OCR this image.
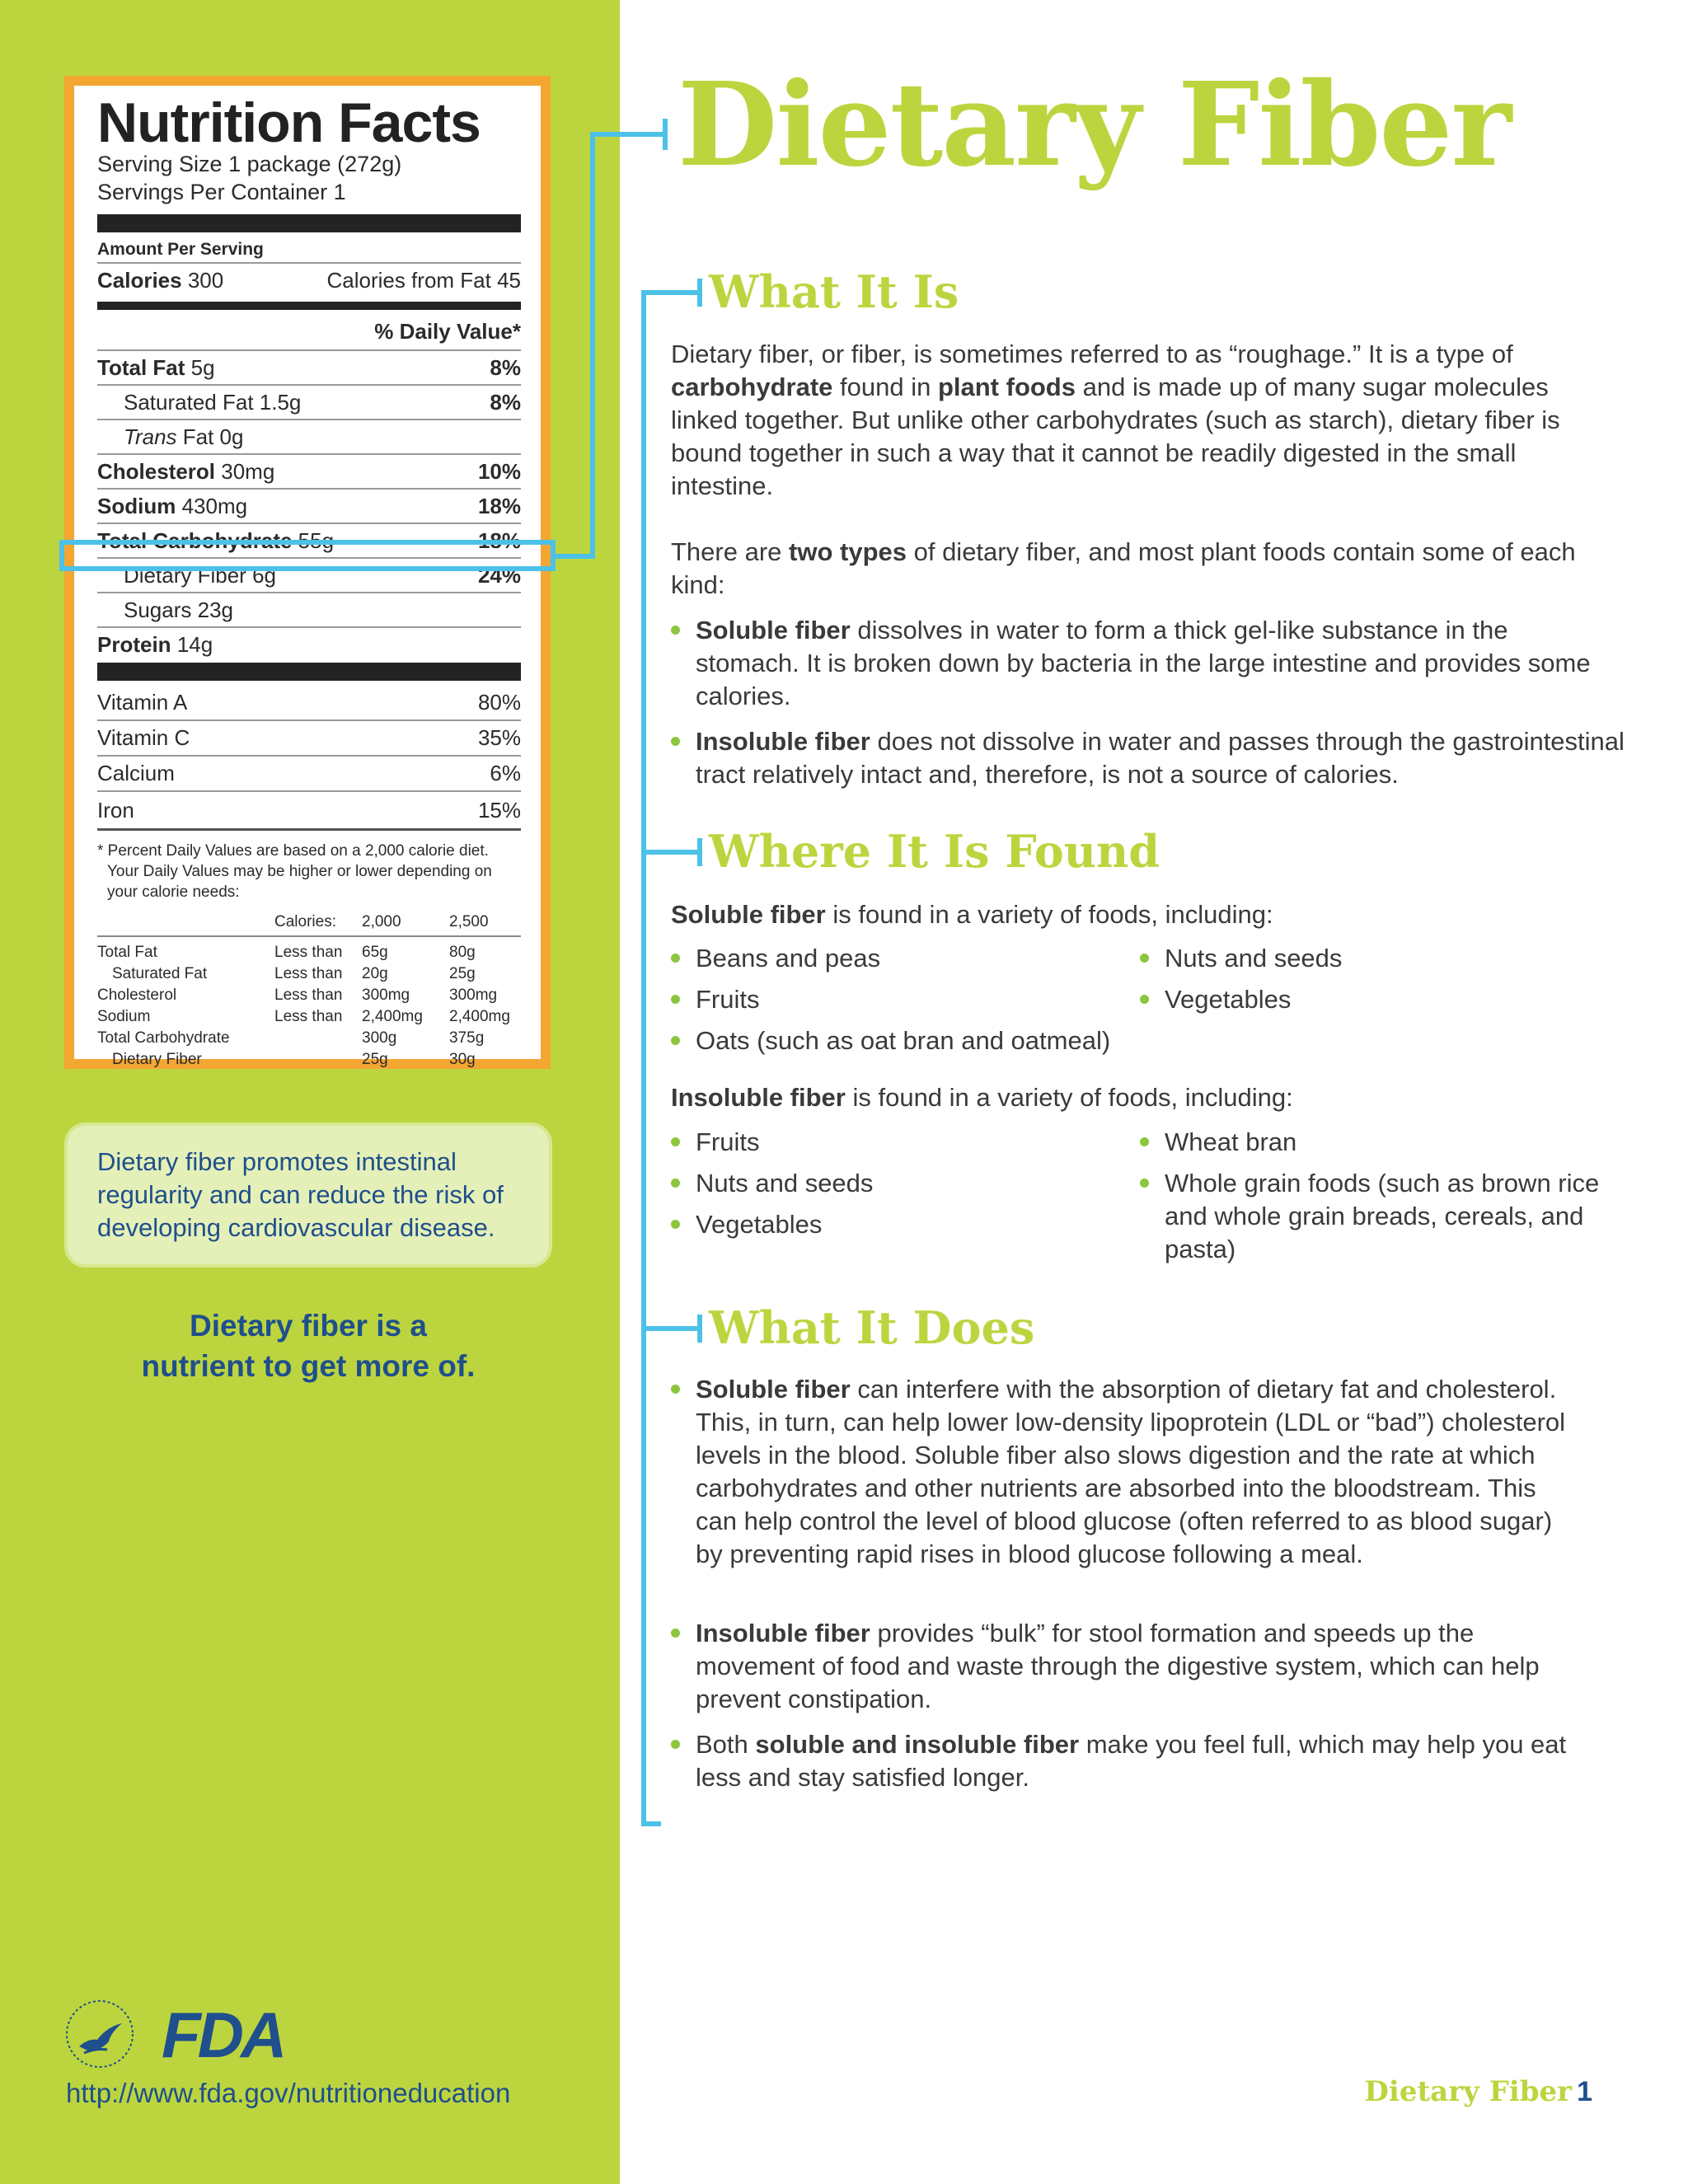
Nutrition Facts
Serving Size 1 package (272g)
Servings Per Container 1
Amount Per Serving
Calories 300	Calories from Fat 45
% Daily Value*
Total Fat 5g	8%
Saturated Fat 1.5g	8%
Trans Fat 0g
Cholesterol 30mg	10%
Sodium 430mg	18%
Total Carbohydrate 55g	18%
Dietary Fiber 6g	24%
Sugars 23g
Protein 14g
Vitamin A	80%
Vitamin C	35%
Calcium	6%
Iron	15%
* Percent Daily Values are based on a 2,000 calorie diet.
Your Daily Values may be higher or lower depending on
your calorie needs:
	Calories:	2,000	2,500
Total Fat	Less than	65g	80g
Saturated Fat	Less than	20g	25g
Cholesterol	Less than	300mg	300mg
Sodium	Less than	2,400mg	2,400mg
Total Carbohydrate		300g	375g
Dietary Fiber		25g	30g
Dietary fiber promotes intestinal regularity and can reduce the risk of developing cardiovascular disease.
Dietary fiber is a
nutrient to get more of.
FDA
http://www.fda.gov/nutritioneducation
Dietary Fiber
What It Is

Dietary fiber, or fiber, is sometimes referred to as “roughage.” It is a type of carbohydrate found in plant foods and is made up of many sugar molecules linked together. But unlike other carbohydrates (such as starch), dietary fiber is bound together in such a way that it cannot be readily digested in the small intestine.

There are two types of dietary fiber, and most plant foods contain some of each kind:

Soluble fiber dissolves in water to form a thick gel-like substance in the stomach. It is broken down by bacteria in the large intestine and provides some calories.
Insoluble fiber does not dissolve in water and passes through the gastrointestinal tract relatively intact and, therefore, is not a source of calories.
Where It Is Found

Soluble fiber is found in a variety of foods, including:

Beans and peas
Fruits
Oats (such as oat bran and oatmeal)
Nuts and seeds
Vegetables

Insoluble fiber is found in a variety of foods, including:

Fruits
Nuts and seeds
Vegetables
Wheat bran
Whole grain foods (such as brown rice and whole grain breads, cereals, and pasta)
What It Does
Soluble fiber can interfere with the absorption of dietary fat and cholesterol. This, in turn, can help lower low-density lipoprotein (LDL or “bad”) cholesterol levels in the blood. Soluble fiber also slows digestion and the rate at which carbohydrates and other nutrients are absorbed into the bloodstream. This can help control the level of blood glucose (often referred to as blood sugar) by preventing rapid rises in blood glucose following a meal.
Insoluble fiber provides “bulk” for stool formation and speeds up the movement of food and waste through the digestive system, which can help prevent constipation.
Both soluble and insoluble fiber make you feel full, which may help you eat less and stay satisfied longer.
Dietary Fiber 1
